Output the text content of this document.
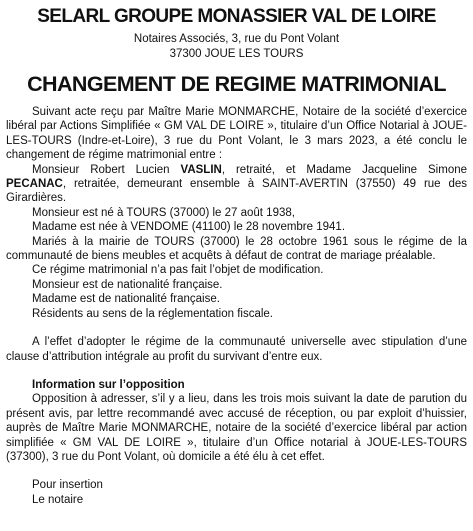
SELARL GROUPE MONASSIER VAL DE LOIRE
Notaires Associés, 3, rue du Pont Volant
37300 JOUE LES TOURS
CHANGEMENT DE REGIME MATRIMONIAL

Suivant acte reçu par Maître Marie MONMARCHE, Notaire de la société d’exercice libéral par Actions Simplifiée « GM VAL DE LOIRE », titulaire d’un Office Notarial à JOUE-LES-TOURS (Indre-et-Loire), 3 rue du Pont Volant, le 3 mars 2023, a été conclu le changement de régime matrimonial entre :

Monsieur Robert Lucien VASLIN, retraité, et Madame Jacqueline Simone PECANAC, retraitée, demeurant ensemble à SAINT-AVERTIN (37550) 49 rue des Girardières.

Monsieur est né à TOURS (37000) le 27 août 1938,

Madame est née à VENDOME (41100) le 28 novembre 1941.

Mariés à la mairie de TOURS (37000) le 28 octobre 1961 sous le régime de la communauté de biens meubles et acquêts à défaut de contrat de mariage préalable.

Ce régime matrimonial n’a pas fait l’objet de modification.

Monsieur est de nationalité française.

Madame est de nationalité française.

Résidents au sens de la réglementation fiscale.

A l’effet d’adopter le régime de la communauté universelle avec stipulation d’une clause d’attribution intégrale au profit du survivant d’entre eux.

Information sur l’opposition

Opposition à adresser, s’il y a lieu, dans les trois mois suivant la date de parution du présent avis, par lettre recommandé avec accusé de réception, ou par exploit d’huissier, auprès de Maître Marie MONMARCHE, notaire de la société d’exercice libéral par action simplifiée « GM VAL DE LOIRE », titulaire d’un Office notarial à JOUE-LES-TOURS (37300), 3 rue du Pont Volant, où domicile a été élu à cet effet.

Pour insertion

Le notaire
